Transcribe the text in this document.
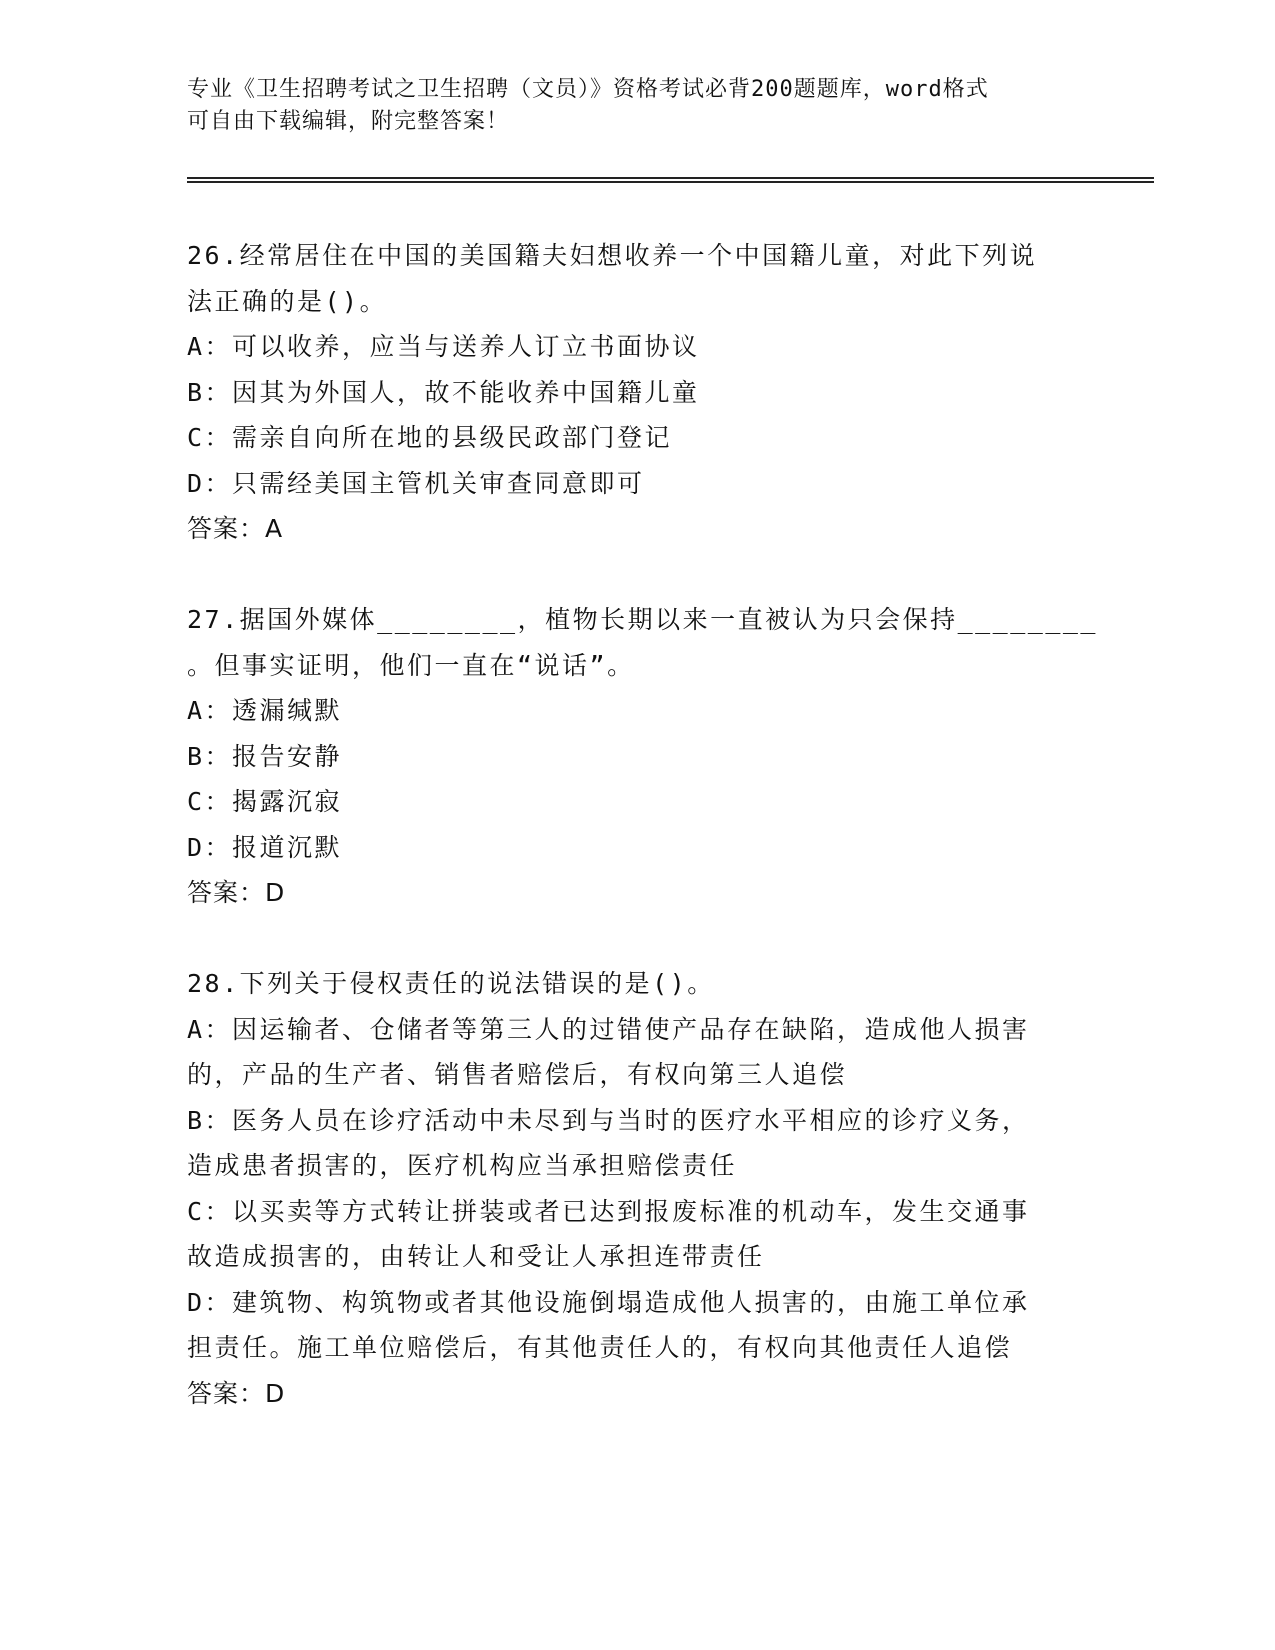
专业《卫生招聘考试之卫生招聘（文员）》资格考试必背200题题库，word格式
可自由下载编辑，附完整答案！
26.经常居住在中国的美国籍夫妇想收养一个中国籍儿童，对此下列说
法正确的是()。
A：可以收养，应当与送养人订立书面协议
B：因其为外国人，故不能收养中国籍儿童
C：需亲自向所在地的县级民政部门登记
D：只需经美国主管机关审查同意即可
答案：A
27.据国外媒体________，植物长期以来一直被认为只会保持________
。但事实证明，他们一直在“说话”。
A：透漏缄默
B：报告安静
C：揭露沉寂
D：报道沉默
答案：D
28.下列关于侵权责任的说法错误的是()。
A：因运输者、仓储者等第三人的过错使产品存在缺陷，造成他人损害
的，产品的生产者、销售者赔偿后，有权向第三人追偿
B：医务人员在诊疗活动中未尽到与当时的医疗水平相应的诊疗义务，
造成患者损害的，医疗机构应当承担赔偿责任
C：以买卖等方式转让拼装或者已达到报废标准的机动车，发生交通事
故造成损害的，由转让人和受让人承担连带责任
D：建筑物、构筑物或者其他设施倒塌造成他人损害的，由施工单位承
担责任。施工单位赔偿后，有其他责任人的，有权向其他责任人追偿
答案：D
